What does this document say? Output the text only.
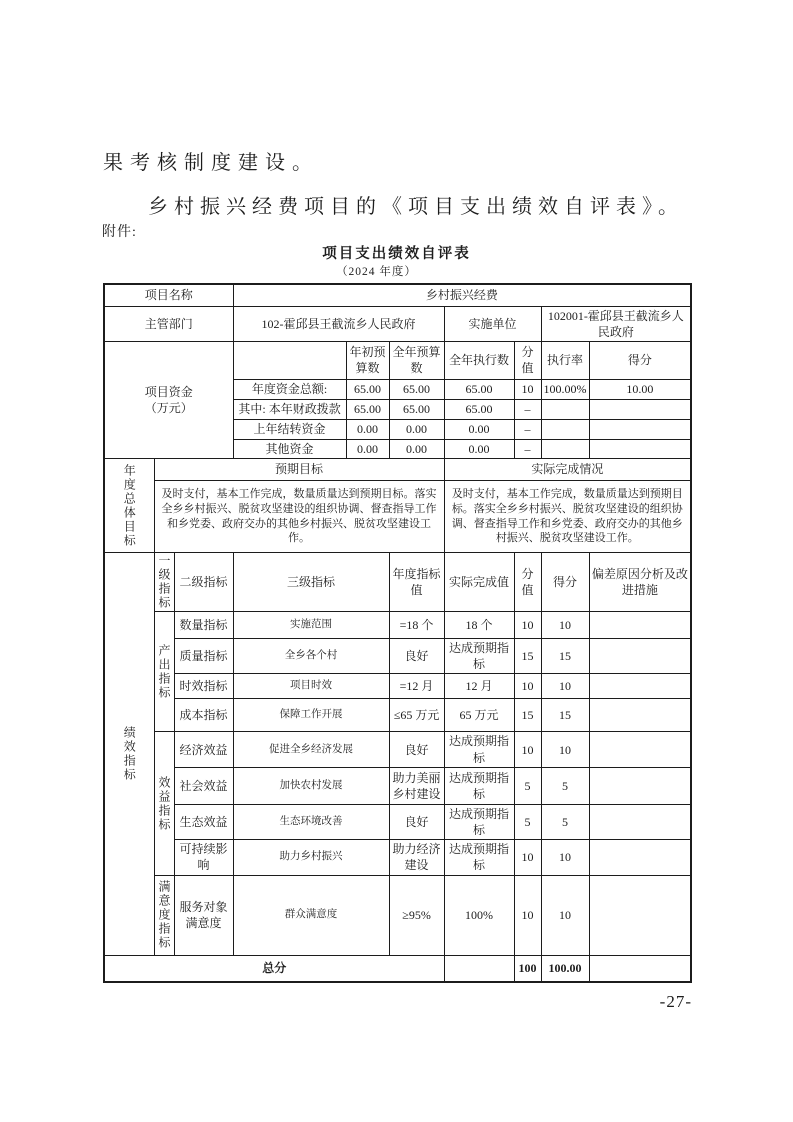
果考核制度建设。
乡村振兴经费项目的《项目支出绩效自评表》。
附件:
项目支出绩效自评表
（2024 年度）
项目名称			乡村振兴经费						
主管部门			102-霍邱县王截流乡人民政府			实施单位		102001-霍邱县王截流乡人民政府	

项目资金
（万元）				年初预算数	全年预算数	全年执行数	分值	执行率	得分
			年度资金总额:	65.00	65.00	65.00	10	100.00%	10.00
			其中: 本年财政拨款	65.00	65.00	65.00	–		
			上年结转资金	0.00	0.00	0.00	–		
			其他资金	0.00	0.00	0.00	–		

年度总体目标	预期目标					实际完成情况			
	及时支付，基本工作完成，数量质量达到预期目标。落实全乡乡村振兴、脱贫攻坚建设的组织协调、督查指导工作和乡党委、政府交办的其他乡村振兴、脱贫攻坚建设工作。					及时支付，基本工作完成，数量质量达到预期目标。落实全乡乡村振兴、脱贫攻坚建设的组织协调、督查指导工作和乡党委、政府交办的其他乡村振兴、脱贫攻坚建设工作。			

绩效指标	一级指标	二级指标	三级指标		年度指标值	实际完成值	分值	得分	偏差原因分析及改进措施

	产出指标	数量指标	实施范围		=18 个	18 个	10	10	
		质量指标	全乡各个村		良好	达成预期指标	15	15	
		时效指标	项目时效		=12 月	12 月	10	10	
		成本指标	保障工作开展		≤65 万元	65 万元	15	15	

	效益指标	经济效益	促进全乡经济发展		良好	达成预期指标	10	10	
		社会效益	加快农村发展		助力美丽乡村建设	达成预期指标	5	5	
		生态效益	生态环境改善		良好	达成预期指标	5	5	
		可持续影响	助力乡村振兴		助力经济建设	达成预期指标	10	10	

	满意度指标	服务对象满意度	群众满意度		≥95%	100%	10	10	
总分							100	100.00	
-27-
